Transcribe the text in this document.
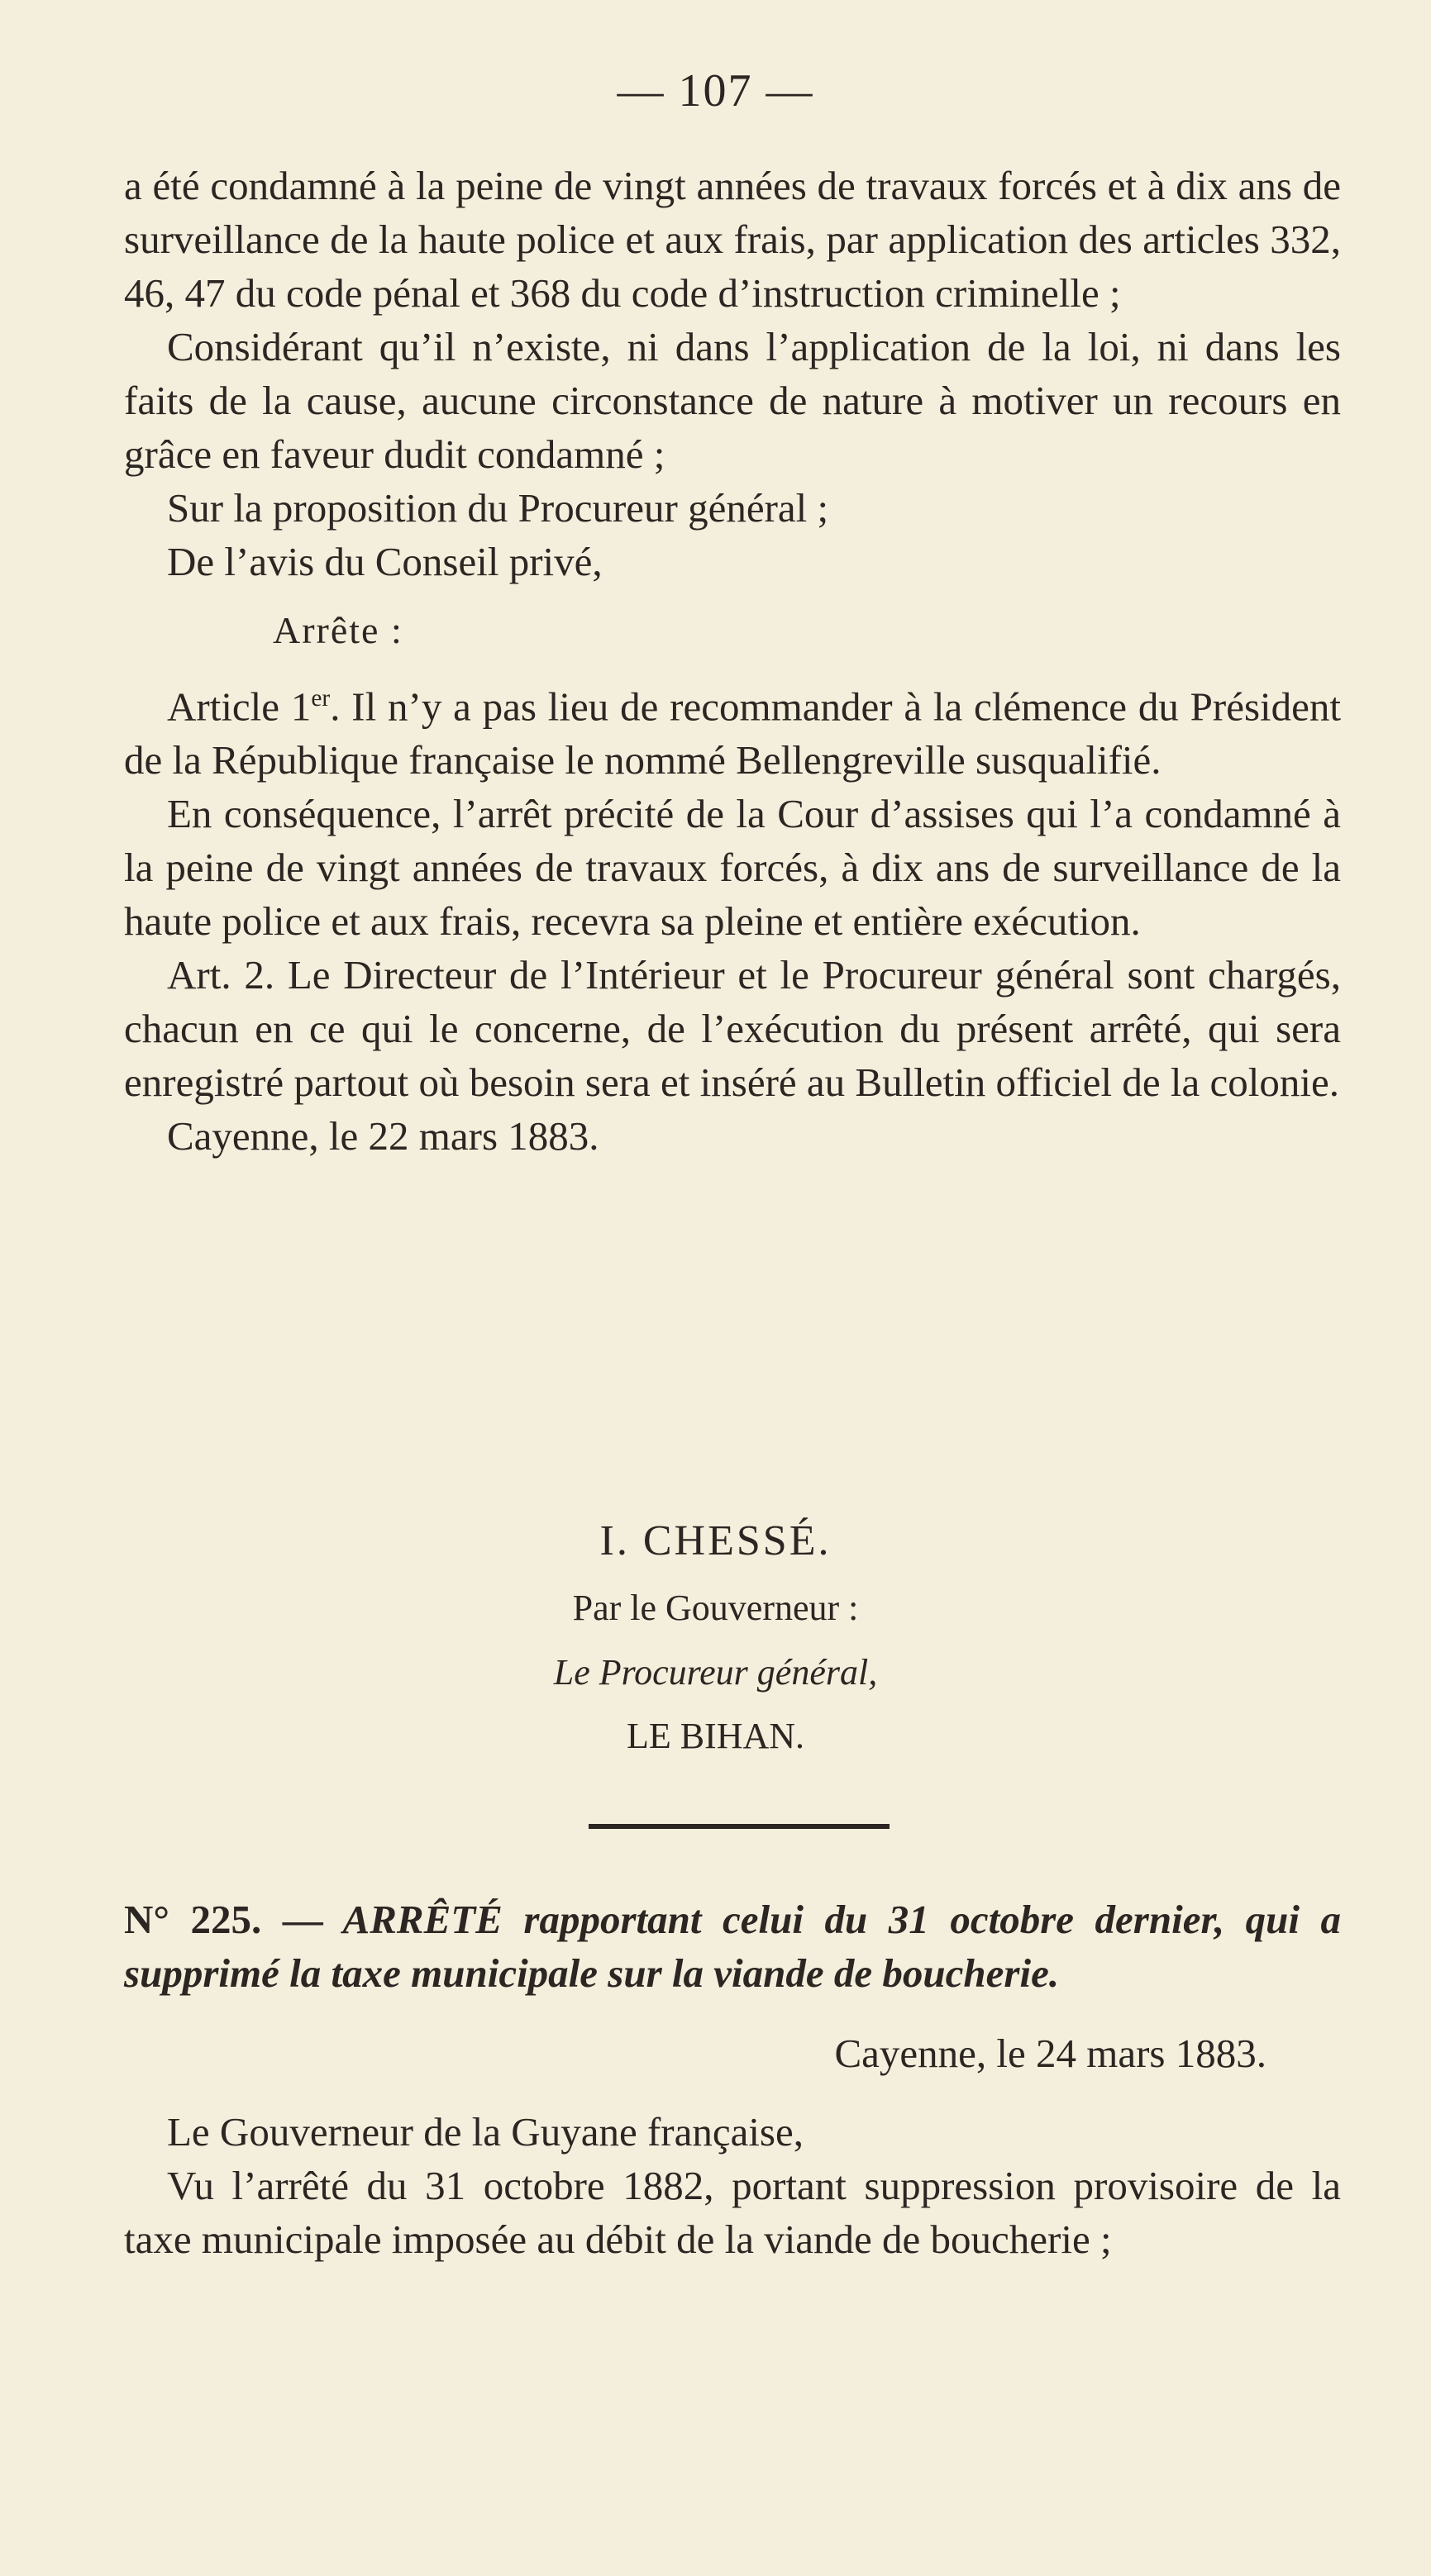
— 107 —

a été condamné à la peine de vingt années de travaux forcés et à dix ans de surveillance de la haute police et aux frais, par application des articles 332, 46, 47 du code pénal et 368 du code d’instruction criminelle ;

Considérant qu’il n’existe, ni dans l’application de la loi, ni dans les faits de la cause, aucune circonstance de nature à motiver un recours en grâce en faveur dudit condamné ;

Sur la proposition du Procureur général ;

De l’avis du Conseil privé,

Arrête :

Article 1er. Il n’y a pas lieu de recommander à la clémence du Président de la République française le nommé Bellengreville susqualifié.

En conséquence, l’arrêt précité de la Cour d’assises qui l’a condamné à la peine de vingt années de travaux forcés, à dix ans de surveillance de la haute police et aux frais, recevra sa pleine et entière exécution.

Art. 2. Le Directeur de l’Intérieur et le Procureur général sont chargés, chacun en ce qui le concerne, de l’exécution du présent arrêté, qui sera enregistré partout où besoin sera et inséré au Bulletin officiel de la colonie.

Cayenne, le 22 mars 1883.

I. CHESSÉ.
Par le Gouverneur :
Le Procureur général,
LE BIHAN.

N° 225. — ARRÊTÉ rapportant celui du 31 octobre dernier, qui a supprimé la taxe municipale sur la viande de boucherie.

Cayenne, le 24 mars 1883.

Le Gouverneur de la Guyane française,

Vu l’arrêté du 31 octobre 1882, portant suppression provisoire de la taxe municipale imposée au débit de la viande de boucherie ;
